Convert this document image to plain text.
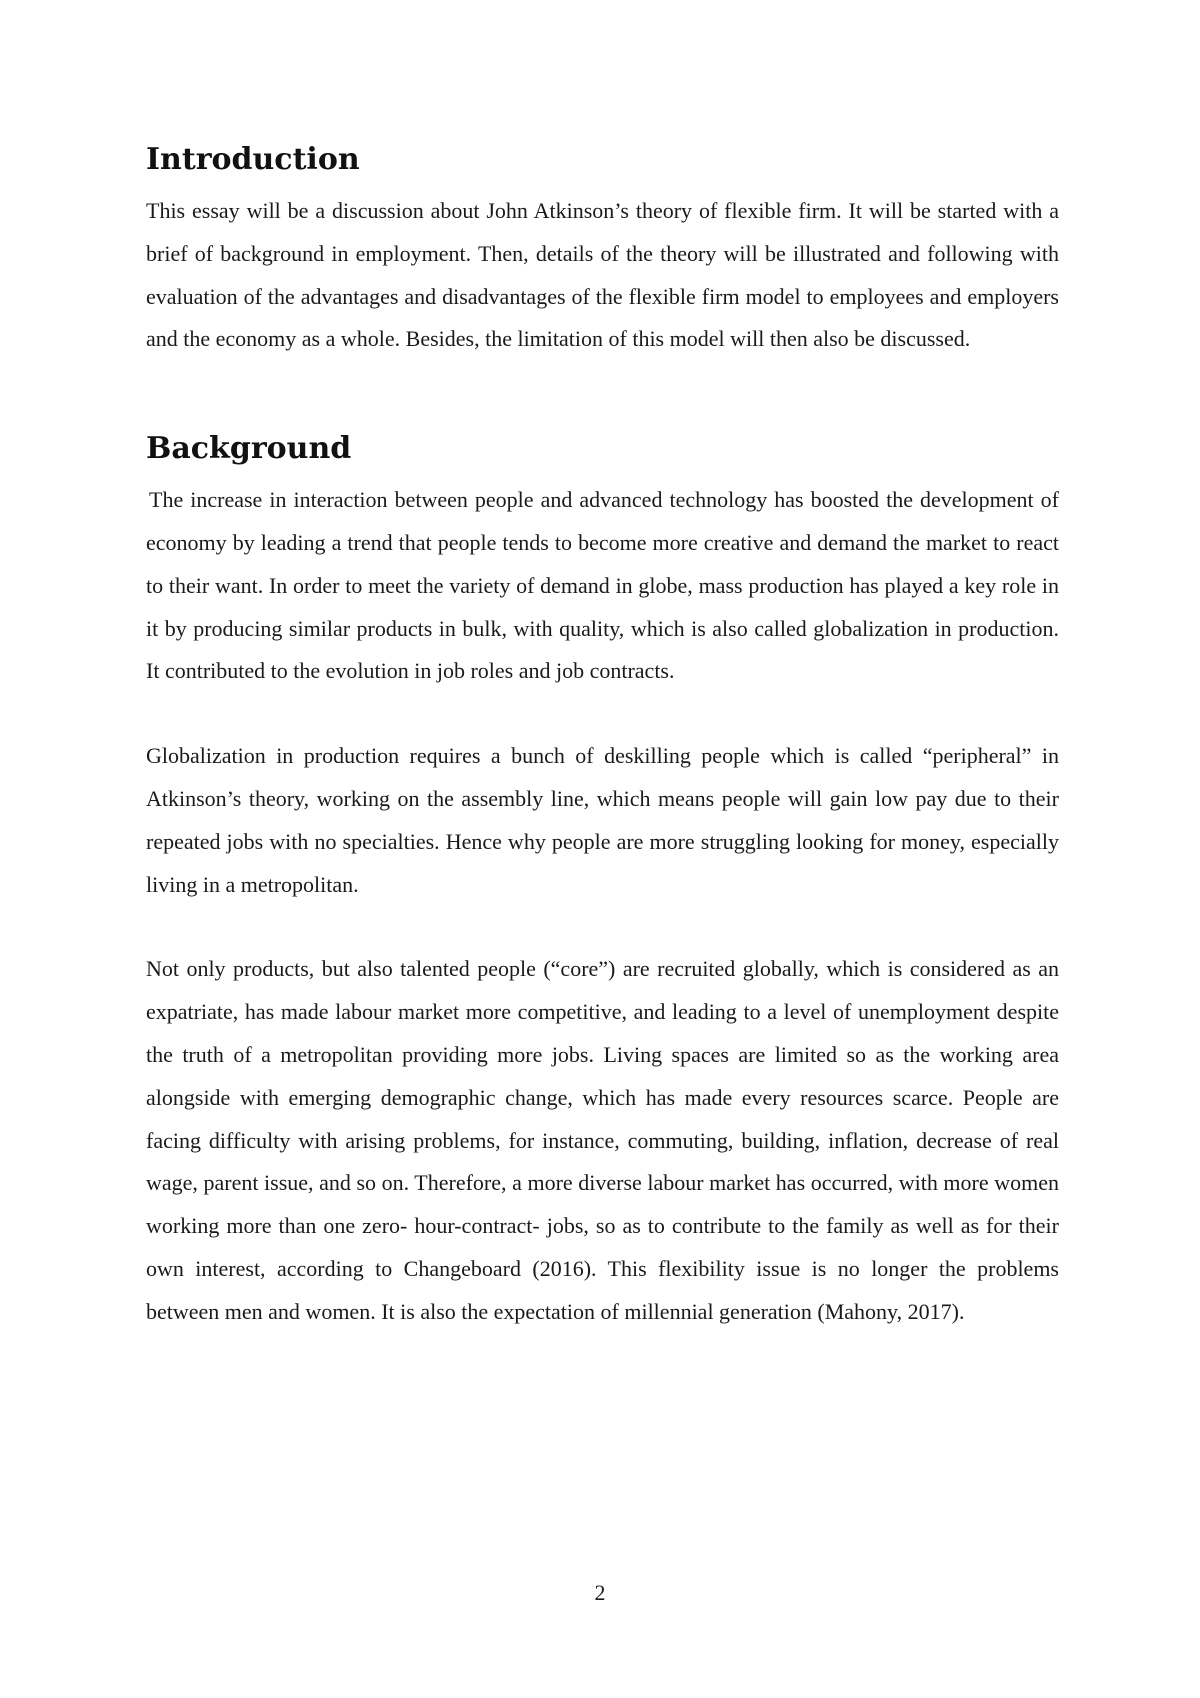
Introduction

This essay will be a discussion about John Atkinson’s theory of flexible firm. It will be started with a brief of background in employment. Then, details of the theory will be illustrated and following with evaluation of the advantages and disadvantages of the flexible firm model to employees and employers and the economy as a whole. Besides, the limitation of this model will then also be discussed.

Background

The increase in interaction between people and advanced technology has boosted the development of economy by leading a trend that people tends to become more creative and demand the market to react to their want. In order to meet the variety of demand in globe, mass production has played a key role in it by producing similar products in bulk, with quality, which is also called globalization in production. It contributed to the evolution in job roles and job contracts.

Globalization in production requires a bunch of deskilling people which is called “peripheral” in Atkinson’s theory, working on the assembly line, which means people will gain low pay due to their repeated jobs with no specialties. Hence why people are more struggling looking for money, especially living in a metropolitan.

Not only products, but also talented people (“core”) are recruited globally, which is considered as an expatriate, has made labour market more competitive, and leading to a level of unemployment despite the truth of a metropolitan providing more jobs. Living spaces are limited so as the working area alongside with emerging demographic change, which has made every resources scarce. People are facing difficulty with arising problems, for instance, commuting, building, inflation, decrease of real wage, parent issue, and so on. Therefore, a more diverse labour market has occurred, with more women working more than one zero- hour-contract- jobs, so as to contribute to the family as well as for their own interest, according to Changeboard (2016). This flexibility issue is no longer the problems between men and women. It is also the expectation of millennial generation (Mahony, 2017).

2
